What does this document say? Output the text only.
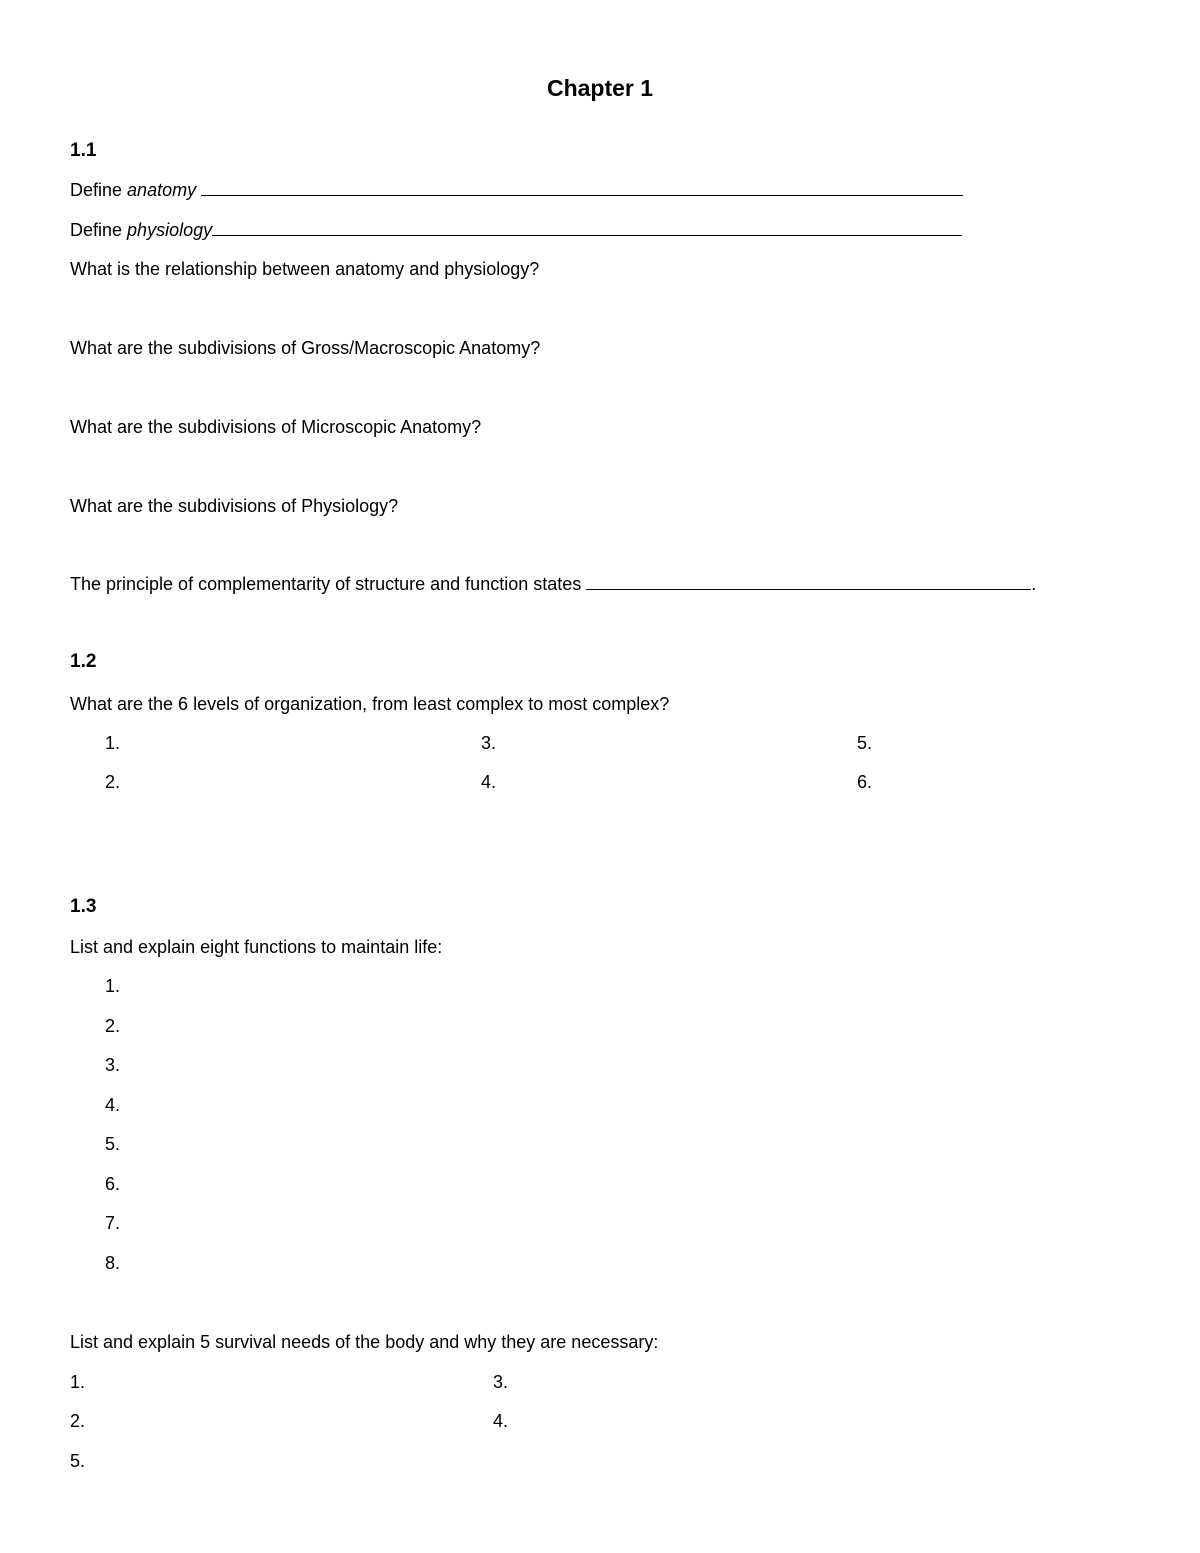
Chapter 1
1.1
Define anatomy
Define physiology
What is the relationship between anatomy and physiology?
What are the subdivisions of Gross/Macroscopic Anatomy?
What are the subdivisions of Microscopic Anatomy?
What are the subdivisions of Physiology?
The principle of complementarity of structure and function states	.
1.2
What are the 6 levels of organization, from least complex to most complex?
1.
2.
3.
4.
5.
6.
1.3
List and explain eight functions to maintain life:
1.
2.
3.
4.
5.
6.
7.
8.
List and explain 5 survival needs of the body and why they are necessary:
1.
2.
3.
4.
5.
